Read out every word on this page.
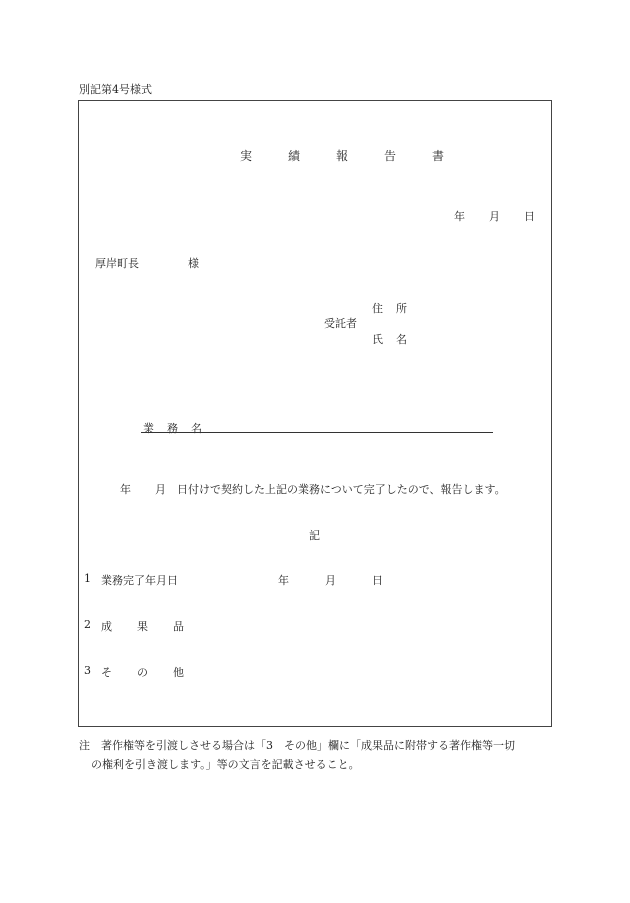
別記第4号様式
実	績	報	告	書
年 月 日
厚岸町長	様
受託者
住 所
氏 名
業 務 名
年 月 日付けで契約した上記の業務について完了したので、報告します。
記
1 業務完了年月日	年	月	日
2 成 果 品
3 そ の 他
注　著作権等を引渡しさせる場合は「3　その他」欄に「成果品に附帯する著作権等一切
の権利を引き渡します。」等の文言を記載させること。
